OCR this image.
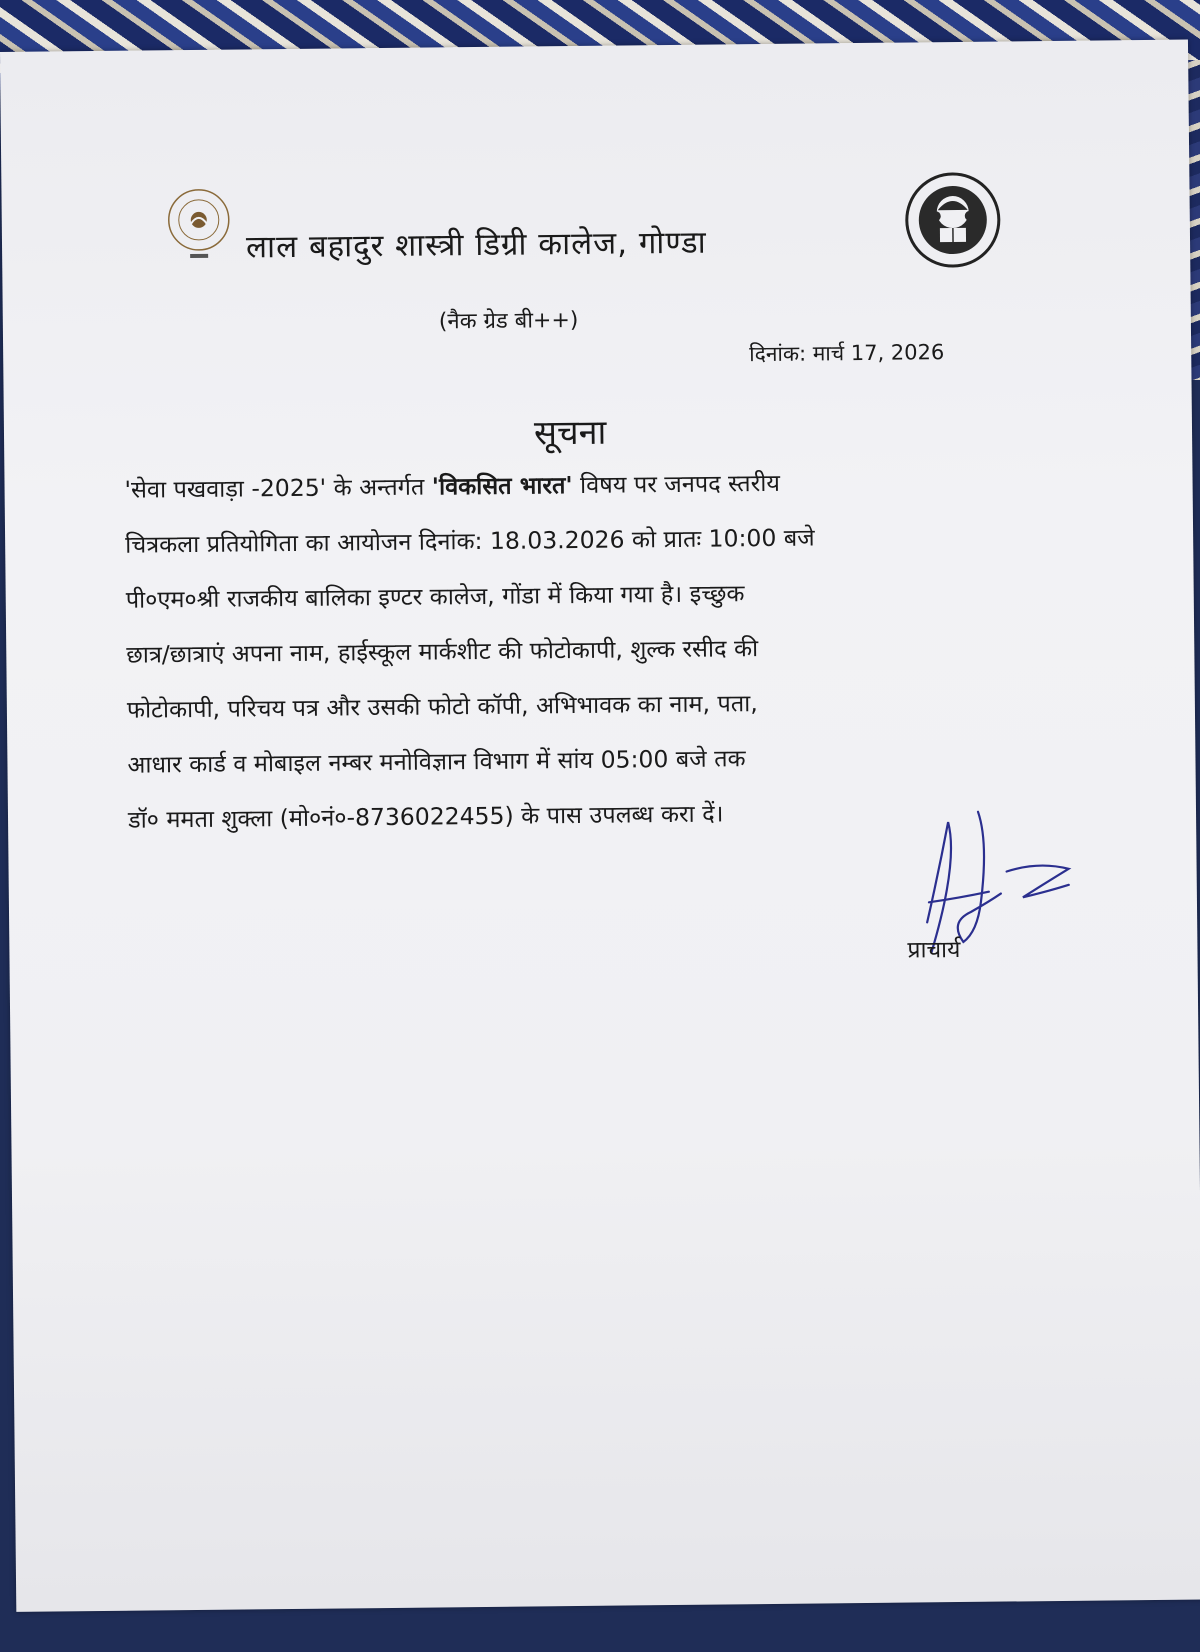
लाल बहादुर शास्त्री डिग्री कालेज, गोण्डा
(नैक ग्रेड बी++)
दिनांक: मार्च 17, 2026
सूचना
'सेवा पखवाड़ा -2025' के अन्तर्गत 'विकसित भारत' विषय पर जनपद स्तरीय
चित्रकला प्रतियोगिता का आयोजन दिनांक: 18.03.2026 को प्रातः 10:00 बजे
पी०एम०श्री राजकीय बालिका इण्टर कालेज, गोंडा में किया गया है। इच्छुक
छात्र/छात्राएं अपना नाम, हाईस्कूल मार्कशीट की फोटोकापी, शुल्क रसीद की
फोटोकापी, परिचय पत्र और उसकी फोटो कॉपी, अभिभावक का नाम, पता,
आधार कार्ड व मोबाइल नम्बर मनोविज्ञान विभाग में सांय 05:00 बजे तक
डॉ० ममता शुक्ला (मो०नं०-8736022455) के पास उपलब्ध करा दें।
प्राचार्य
